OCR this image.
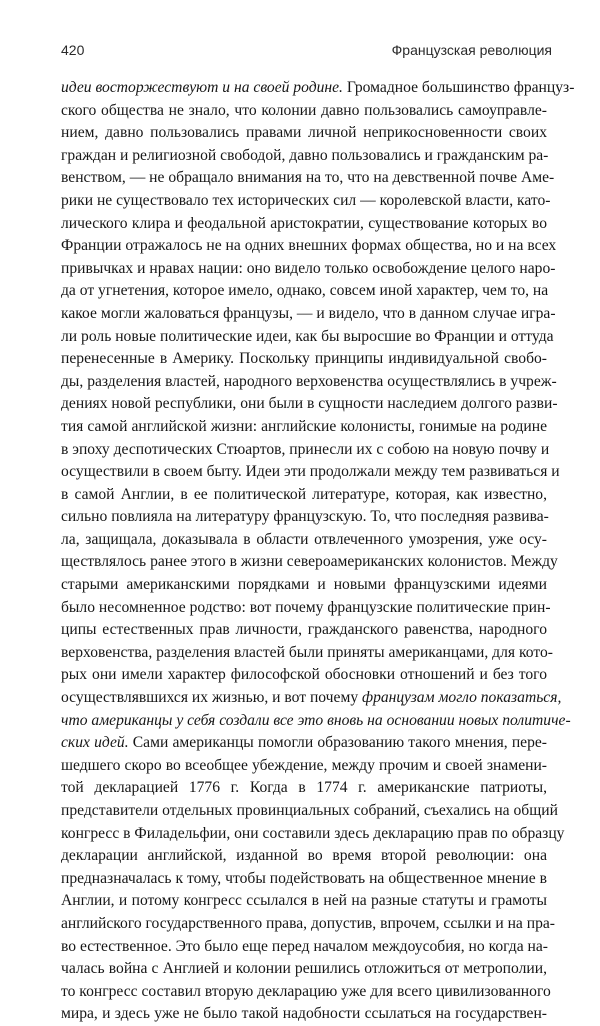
420	Французская революция
идеи восторжествуют и на своей родине. Громадное большинство француз-
ского общества не знало, что колонии давно пользовались самоуправле-
нием, давно пользовались правами личной неприкосновенности своих
граждан и религиозной свободой, давно пользовались и гражданским ра-
венством, — не обращало внимания на то, что на девственной почве Аме-
рики не существовало тех исторических сил — королевской власти, като-
лического клира и феодальной аристократии, существование которых во
Франции отражалось не на одних внешних формах общества, но и на всех
привычках и нравах нации: оно видело только освобождение целого наро-
да от угнетения, которое имело, однако, совсем иной характер, чем то, на
какое могли жаловаться французы, — и видело, что в данном случае игра-
ли роль новые политические идеи, как бы выросшие во Франции и оттуда
перенесенные в Америку. Поскольку принципы индивидуальной свобо-
ды, разделения властей, народного верховенства осуществлялись в учреж-
дениях новой республики, они были в сущности наследием долгого разви-
тия самой английской жизни: английские колонисты, гонимые на родине
в эпоху деспотических Стюартов, принесли их с собою на новую почву и
осуществили в своем быту. Идеи эти продолжали между тем развиваться и
в самой Англии, в ее политической литературе, которая, как известно,
сильно повлияла на литературу французскую. То, что последняя развива-
ла, защищала, доказывала в области отвлеченного умозрения, уже осу-
ществлялось ранее этого в жизни североамериканских колонистов. Между
старыми американскими порядками и новыми французскими идеями
было несомненное родство: вот почему французские политические прин-
ципы естественных прав личности, гражданского равенства, народного
верховенства, разделения властей были приняты американцами, для кото-
рых они имели характер философской обосновки отношений и без того
осуществлявшихся их жизнью, и вот почему французам могло показаться,
что американцы у себя создали все это вновь на основании новых политиче-
ских идей. Сами американцы помогли образованию такого мнения, пере-
шедшего скоро во всеобщее убеждение, между прочим и своей знамени-
той декларацией 1776 г. Когда в 1774 г. американские патриоты,
представители отдельных провинциальных собраний, съехались на общий
конгресс в Филадельфии, они составили здесь декларацию прав по образцу
декларации английской, изданной во время второй революции: она
предназначалась к тому, чтобы подействовать на общественное мнение в
Англии, и потому конгресс ссылался в ней на разные статуты и грамоты
английского государственного права, допустив, впрочем, ссылки и на пра-
во естественное. Это было еще перед началом междоусобия, но когда на-
чалась война с Англией и колонии решились отложиться от метрополии,
то конгресс составил вторую декларацию уже для всего цивилизованного
мира, и здесь уже не было такой надобности ссылаться на государствен-
